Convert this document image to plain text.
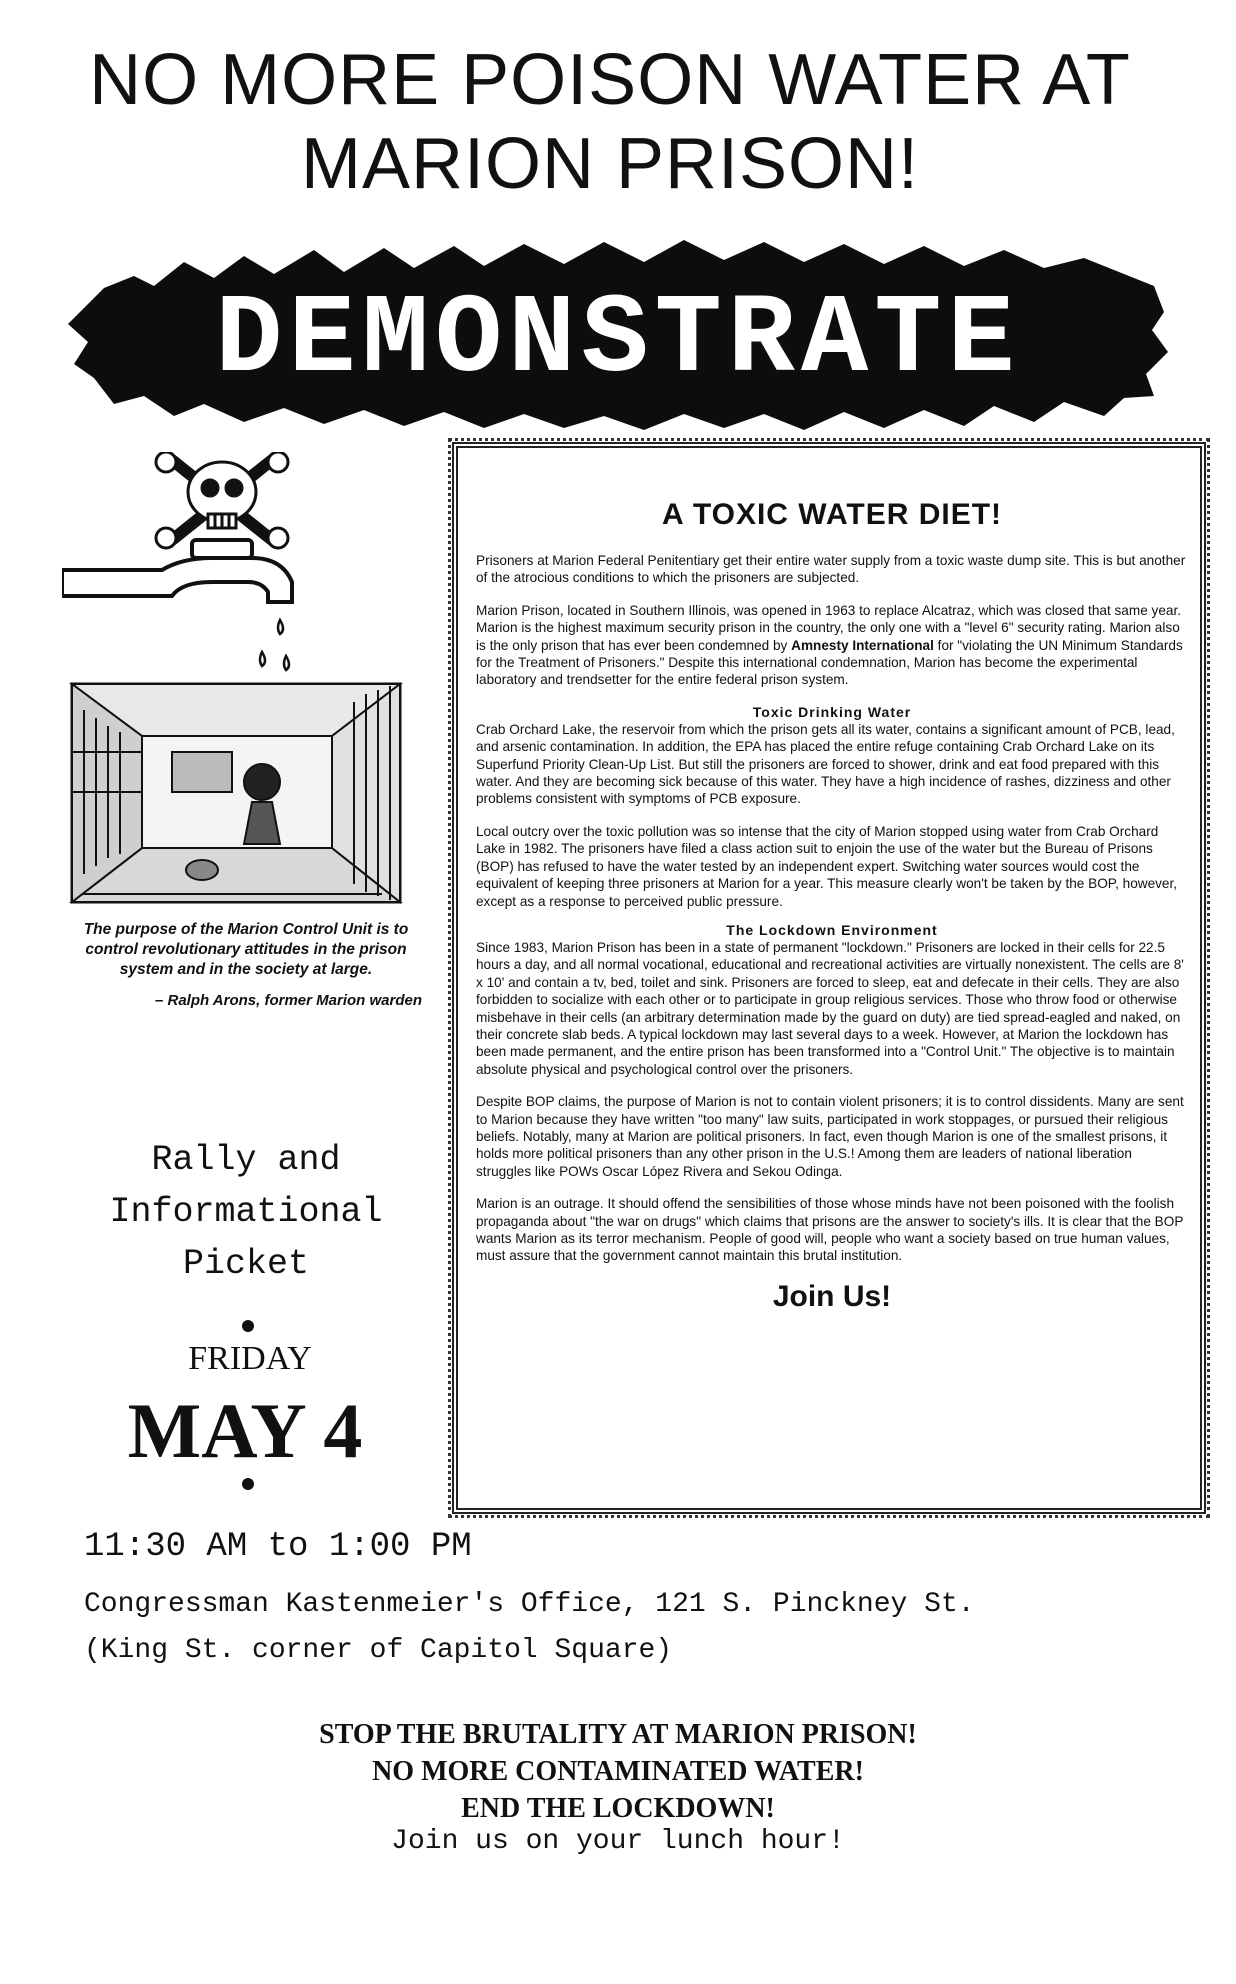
NO MORE POISON WATER AT
MARION PRISON!
DEMONSTRATE
The purpose of the Marion Control Unit is to control revolutionary attitudes in the prison system and in the society at large.
– Ralph Arons, former Marion warden
Rally and
Informational
Picket
FRIDAY
MAY 4
A TOXIC WATER DIET!

Prisoners at Marion Federal Penitentiary get their entire water supply from a toxic waste dump site. This is but another of the atrocious conditions to which the prisoners are subjected.

Marion Prison, located in Southern Illinois, was opened in 1963 to replace Alcatraz, which was closed that same year. Marion is the highest maximum security prison in the country, the only one with a "level 6" security rating. Marion also is the only prison that has ever been condemned by Amnesty International for "violating the UN Minimum Standards for the Treatment of Prisoners." Despite this international condemnation, Marion has become the experimental laboratory and trendsetter for the entire federal prison system.

Toxic Drinking Water

Crab Orchard Lake, the reservoir from which the prison gets all its water, contains a significant amount of PCB, lead, and arsenic contamination. In addition, the EPA has placed the entire refuge containing Crab Orchard Lake on its Superfund Priority Clean-Up List. But still the prisoners are forced to shower, drink and eat food prepared with this water. And they are becoming sick because of this water. They have a high incidence of rashes, dizziness and other problems consistent with symptoms of PCB exposure.

Local outcry over the toxic pollution was so intense that the city of Marion stopped using water from Crab Orchard Lake in 1982. The prisoners have filed a class action suit to enjoin the use of the water but the Bureau of Prisons (BOP) has refused to have the water tested by an independent expert. Switching water sources would cost the equivalent of keeping three prisoners at Marion for a year. This measure clearly won't be taken by the BOP, however, except as a response to perceived public pressure.

The Lockdown Environment

Since 1983, Marion Prison has been in a state of permanent "lockdown." Prisoners are locked in their cells for 22.5 hours a day, and all normal vocational, educational and recreational activities are virtually nonexistent. The cells are 8' x 10' and contain a tv, bed, toilet and sink. Prisoners are forced to sleep, eat and defecate in their cells. They are also forbidden to socialize with each other or to participate in group religious services. Those who throw food or otherwise misbehave in their cells (an arbitrary determination made by the guard on duty) are tied spread-eagled and naked, on their concrete slab beds. A typical lockdown may last several days to a week. However, at Marion the lockdown has been made permanent, and the entire prison has been transformed into a "Control Unit." The objective is to maintain absolute physical and psychological control over the prisoners.

Despite BOP claims, the purpose of Marion is not to contain violent prisoners; it is to control dissidents. Many are sent to Marion because they have written "too many" law suits, participated in work stoppages, or pursued their religious beliefs. Notably, many at Marion are political prisoners. In fact, even though Marion is one of the smallest prisons, it holds more political prisoners than any other prison in the U.S.! Among them are leaders of national liberation struggles like POWs Oscar López Rivera and Sekou Odinga.

Marion is an outrage. It should offend the sensibilities of those whose minds have not been poisoned with the foolish propaganda about "the war on drugs" which claims that prisons are the answer to society's ills. It is clear that the BOP wants Marion as its terror mechanism. People of good will, people who want a society based on true human values, must assure that the government cannot maintain this brutal institution.

Join Us!
11:30 AM to 1:00 PM
Congressman Kastenmeier's Office, 121 S. Pinckney St.
(King St. corner of Capitol Square)
STOP THE BRUTALITY AT MARION PRISON!
NO MORE CONTAMINATED WATER!
END THE LOCKDOWN!
Join us on your lunch hour!
